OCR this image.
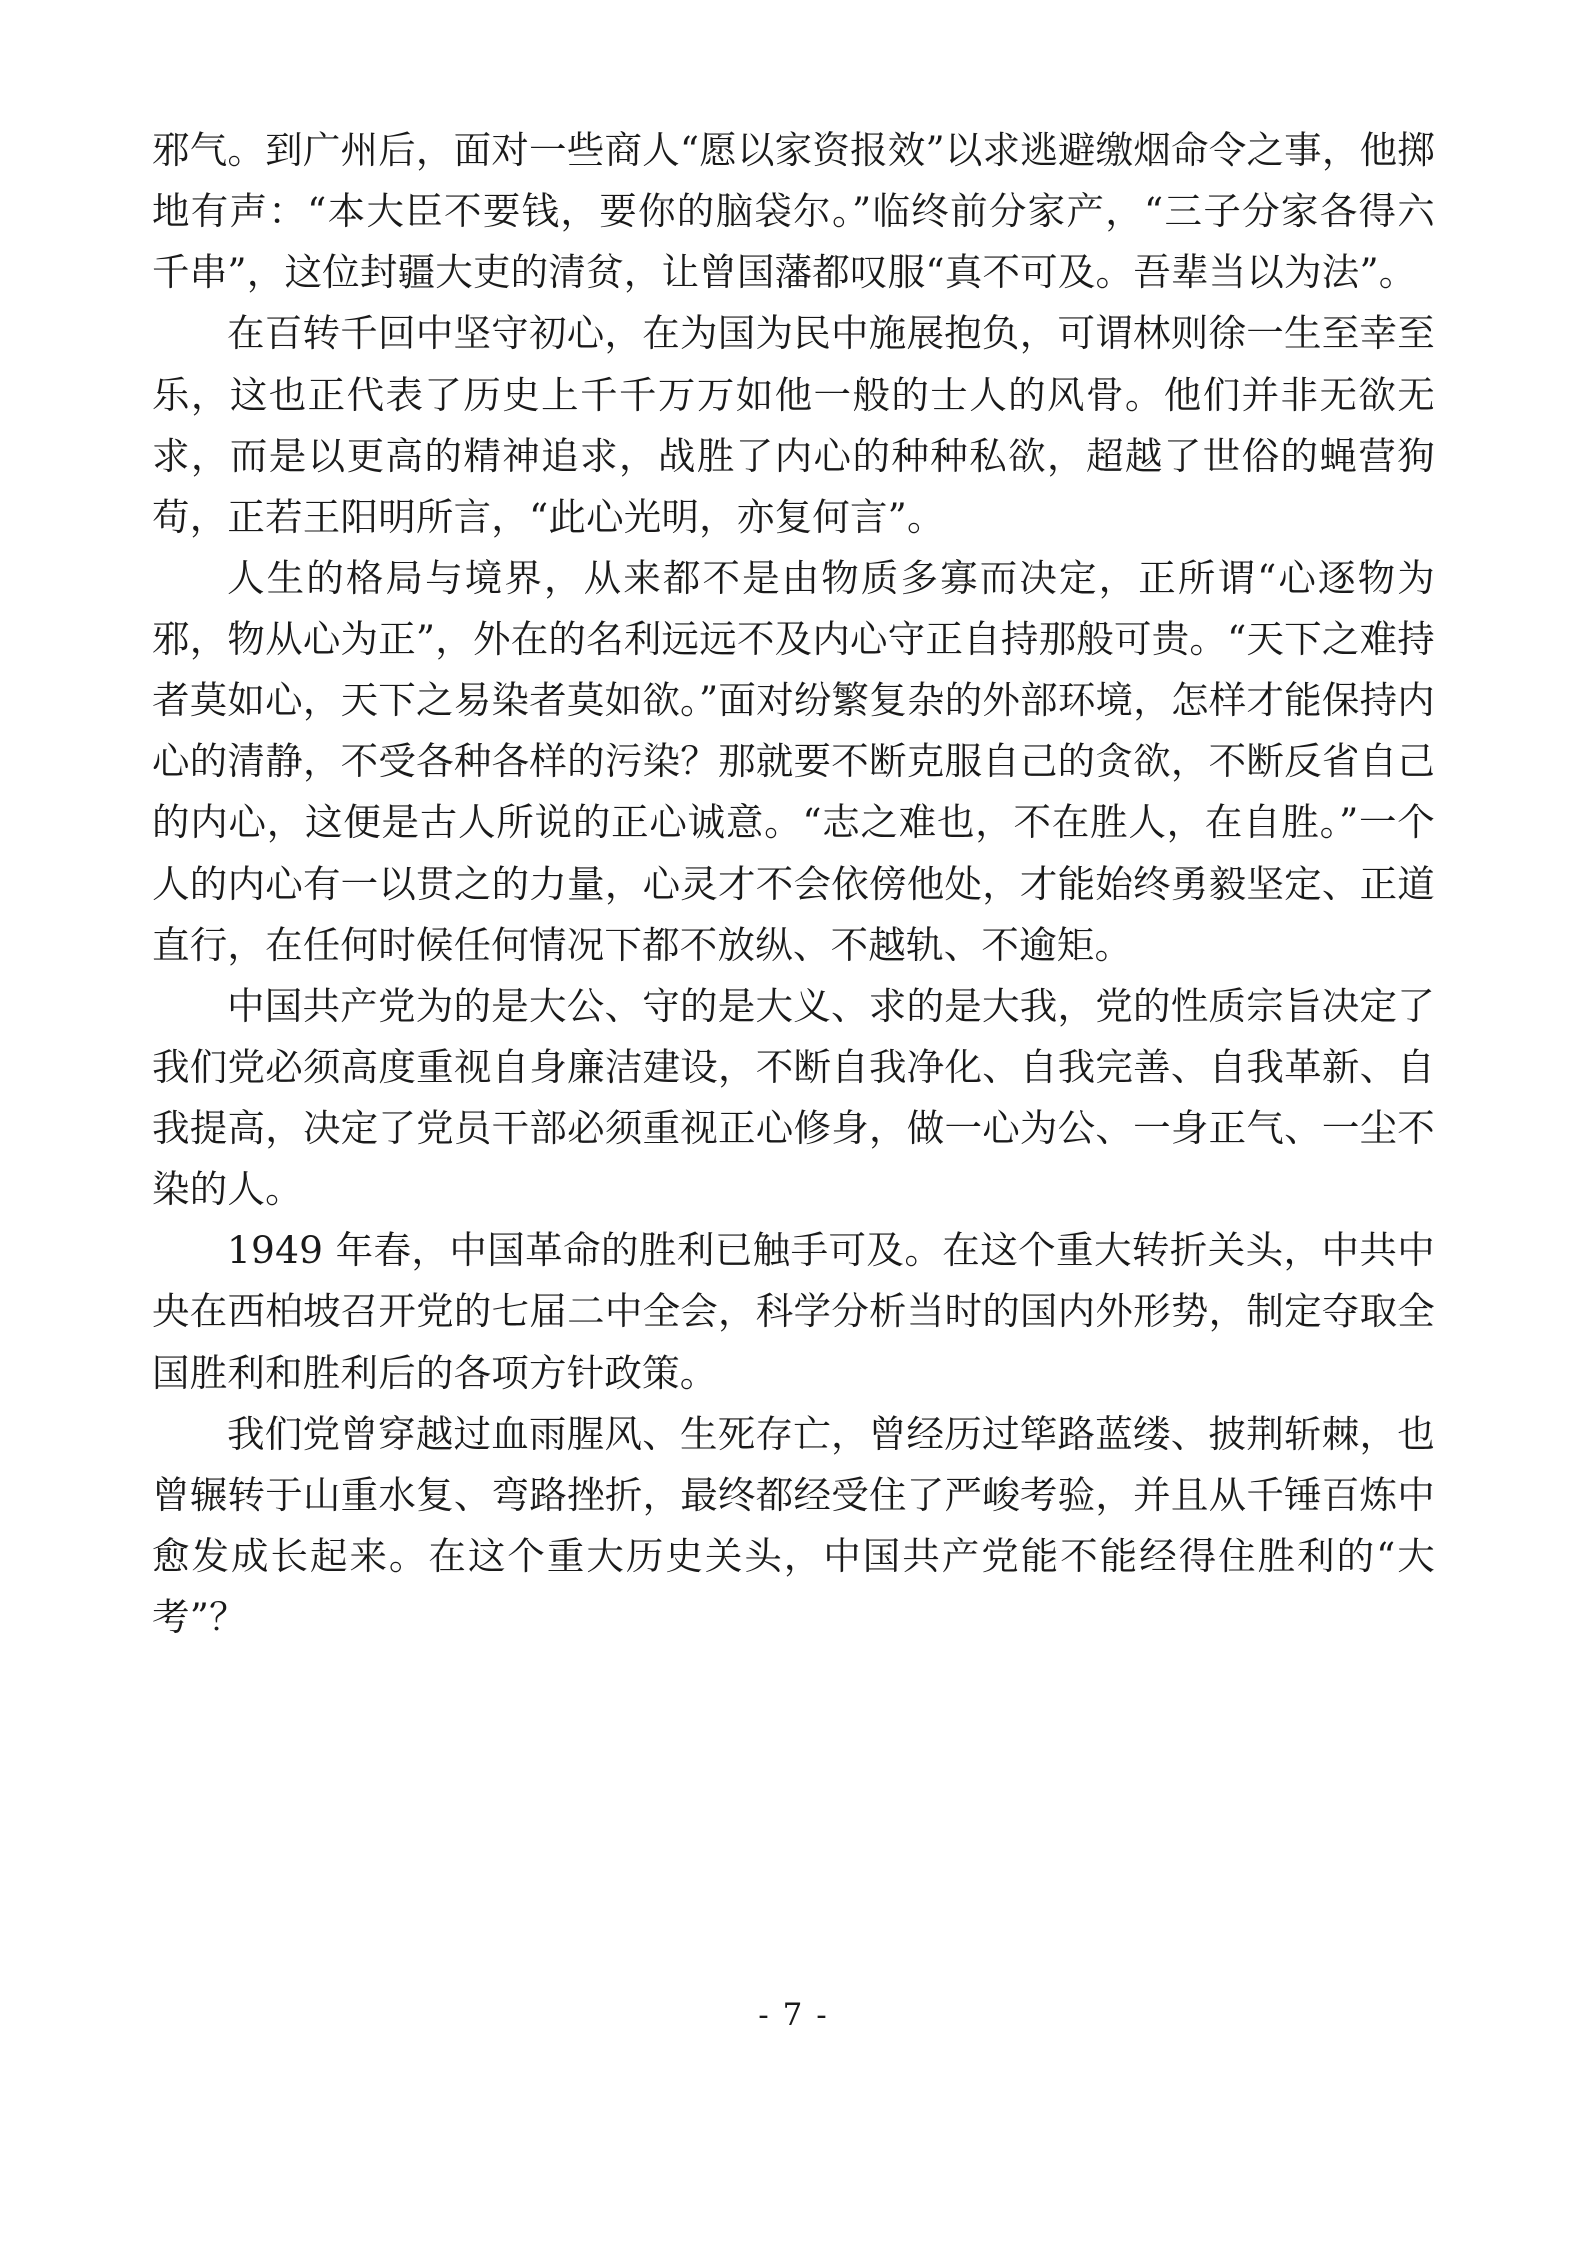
邪气。到广州后，面对一些商人“愿以家资报效”以求逃避缴烟命令之事，他掷地有声：“本大臣不要钱，要你的脑袋尔。”临终前分家产，“三子分家各得六千串”，这位封疆大吏的清贫，让曾国藩都叹服“真不可及。吾辈当以为法”。

在百转千回中坚守初心，在为国为民中施展抱负，可谓林则徐一生至幸至乐，这也正代表了历史上千千万万如他一般的士人的风骨。他们并非无欲无求，而是以更高的精神追求，战胜了内心的种种私欲，超越了世俗的蝇营狗苟，正若王阳明所言，“此心光明，亦复何言”。

人生的格局与境界，从来都不是由物质多寡而决定，正所谓“心逐物为邪，物从心为正”，外在的名利远远不及内心守正自持那般可贵。“天下之难持者莫如心，天下之易染者莫如欲。”面对纷繁复杂的外部环境，怎样才能保持内心的清静，不受各种各样的污染？那就要不断克服自己的贪欲，不断反省自己的内心，这便是古人所说的正心诚意。“志之难也，不在胜人，在自胜。”一个人的内心有一以贯之的力量，心灵才不会依傍他处，才能始终勇毅坚定、正道直行，在任何时候任何情况下都不放纵、不越轨、不逾矩。

中国共产党为的是大公、守的是大义、求的是大我，党的性质宗旨决定了我们党必须高度重视自身廉洁建设，不断自我净化、自我完善、自我革新、自我提高，决定了党员干部必须重视正心修身，做一心为公、一身正气、一尘不染的人。

1949 年春，中国革命的胜利已触手可及。在这个重大转折关头，中共中央在西柏坡召开党的七届二中全会，科学分析当时的国内外形势，制定夺取全国胜利和胜利后的各项方针政策。

我们党曾穿越过血雨腥风、生死存亡，曾经历过筚路蓝缕、披荆斩棘，也曾辗转于山重水复、弯路挫折，最终都经受住了严峻考验，并且从千锤百炼中愈发成长起来。在这个重大历史关头，中国共产党能不能经得住胜利的“大考”？

- 7 -
